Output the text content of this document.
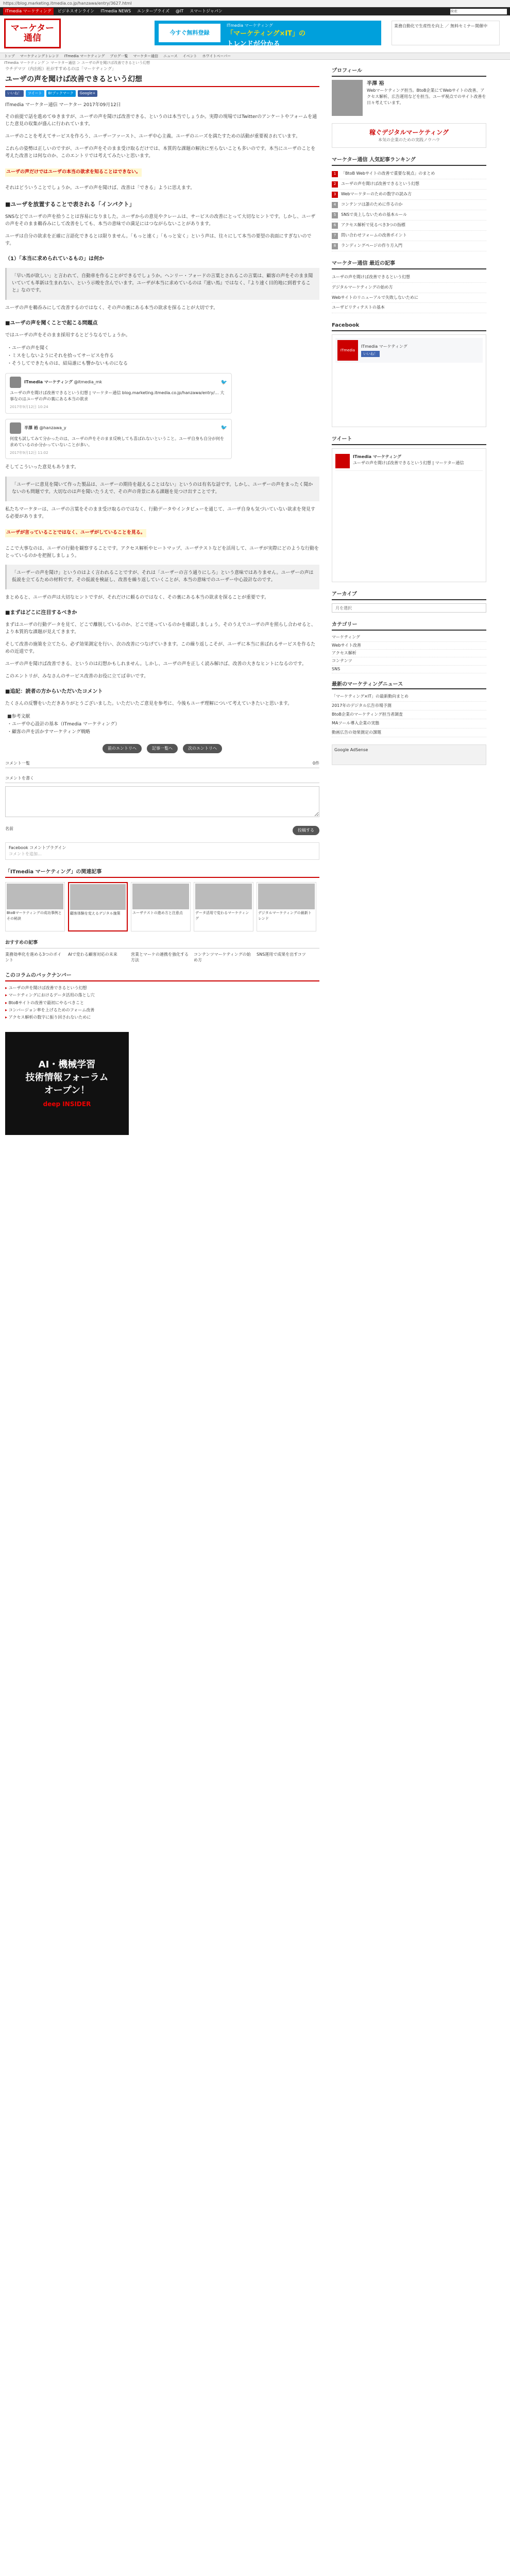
https://blog.marketing.itmedia.co.jp/hanzawa/entry/3627.html
ITmedia マーケティング	ビジネスオンライン	ITmedia NEWS	エンタープライズ	@IT	スマートジャパン
検索
マーケター通信
今すぐ無料登録
ITmedia マーケティング
「マーケティング×IT」の
トレンドが分かる
業務自動化で生産性を向上 ／ 無料セミナー開催中
トップ マーケティングトレンド ITmedia マーケティング ブログ一覧 マーケター通信 ニュース イベント ホワイトペーパー
ITmedia マーケティング ＞ マーケター通信 ＞ ユーザの声を聞けば改善できるという幻想
ウチデマツ（内出松）社がすすめるのは「マーケティング」
ユーザの声を聞けば改善できるという幻想
いいね！	ツイート	B!ブックマーク	Google+

ITmedia マーケター通信 マーケター 2017年09月12日

その前提で話を進めてゆきますが、ユーザの声を聞けば改善できる、というのは本当でしょうか。実際の現場ではTwitterのアンケートやフォームを通じた意見の収集が盛んに行われています。

ユーザのことを考えてサービスを作ろう、ユーザーファースト、ユーザ中心主義。ユーザのニーズを満たすための活動が重要視されています。

これらの姿勢は正しいのですが、ユーザの声をそのまま受け取るだけでは、本質的な課題の解決に至らないことも多いのです。本当にユーザのことを考えた改善とは何なのか、このエントリでは考えてみたいと思います。

ユーザの声だけではユーザの本当の欲求を知ることはできない。

それはどういうことでしょうか。ユーザの声を聞けば、改善は「できる」ように思えます。

■ユーザを放置することで表される「インパクト」

SNSなどでユーザの声を拾うことは容易になりました。ユーザからの意見やクレームは、サービスの改善にとって大切なヒントです。しかし、ユーザの声をそのまま鵜呑みにして改善をしても、本当の意味での満足にはつながらないことがあります。

ユーザは自分の欲求を正確に言語化できるとは限りません。「もっと速く」「もっと安く」という声は、往々にして本当の要望の表面にすぎないのです。

（1）「本当に求められているもの」は何か
「早い馬が欲しい」と言われて、自動車を作ることができるでしょうか。ヘンリー・フォードの言葉とされるこの言葉は、顧客の声をそのまま聞いていても革新は生まれない、という示唆を含んでいます。ユーザが本当に求めているのは『速い馬』ではなく、『より速く目的地に到着すること』なのです。

ユーザの声を鵜呑みにして改善するのではなく、その声の裏にある本当の欲求を探ることが大切です。

■ユーザの声を聞くことで起こる問題点

ではユーザの声をそのまま採用するとどうなるでしょうか。

・ユーザの声を聞く
・ミスをしないようにそれを拾ってサービスを作る
・そうしてできたものは、結局誰にも響かないものになる
ITmedia マーケティング @itmedia_mk	🐦
ユーザの声を聞けば改善できるという幻想 | マーケター通信 blog.marketing.itmedia.co.jp/hanzawa/entry/… 大事なのはユーザの声の裏にある本当の欲求
2017年9月12日 10:24
半澤 裕 @hanzawa_y	🐦
何度も試してみて分かったのは、ユーザの声をそのまま反映しても喜ばれないということ。ユーザ自身も自分が何を求めているのか分かっていないことが多い。
2017年9月12日 11:02

そしてこういった意見もあります。

「ユーザーに意見を聞いて作った製品は、ユーザーの期待を超えることはない」というのは有名な話です。しかし、ユーザーの声をまったく聞かないのも問題です。大切なのは声を聞いたうえで、その声の背景にある課題を見つけ出すことです。

私たちマーケターは、ユーザの言葉をそのまま受け取るのではなく、行動データやインタビューを通じて、ユーザ自身も気づいていない欲求を発見する必要があります。

ユーザが言っていることではなく、ユーザがしていることを見る。

ここで大事なのは、ユーザの行動を観察することです。アクセス解析やヒートマップ、ユーザテストなどを活用して、ユーザが実際にどのような行動をとっているのかを把握しましょう。

「ユーザーの声を聞け」というのはよく言われることですが、それは「ユーザーの言う通りにしろ」という意味ではありません。ユーザーの声は仮説を立てるための材料です。その仮説を検証し、改善を繰り返していくことが、本当の意味でのユーザー中心設計なのです。

まとめると、ユーザの声は大切なヒントですが、それだけに頼るのではなく、その裏にある本当の欲求を探ることが重要です。

■まずはどこに注目するべきか

まずはユーザの行動データを見て、どこで離脱しているのか、どこで迷っているのかを確認しましょう。そのうえでユーザの声を照らし合わせると、より本質的な課題が見えてきます。

そして改善の施策を立てたら、必ず効果測定を行い、次の改善につなげていきます。この繰り返しこそが、ユーザに本当に喜ばれるサービスを作るための近道です。

ユーザの声を聞けば改善できる、というのは幻想かもしれません。しかし、ユーザの声を正しく読み解けば、改善の大きなヒントになるのです。

このエントリが、みなさんのサービス改善のお役に立てば幸いです。

■追記：読者の方からいただいたコメント

たくさんの反響をいただきありがとうございました。いただいたご意見を参考に、今後もユーザ理解について考えていきたいと思います。

■参考文献
・ユーザ中心設計の基本（ITmedia マーケティング）
・顧客の声を活かすマーケティング戦略
前のエントリへ	記事一覧へ	次のエントリへ
コメント一覧	0件
コメントを書く
名前	投稿する
Facebook コメントプラグイン
コメントを追加...
「ITmedia マーケティング」の関連記事
BtoBマーケティングの成功事例とその秘訣
顧客体験を変えるデジタル施策	ユーザテストの進め方と注意点	データ活用で変わるマーケティング
デジタルマーケティングの最新トレンド
おすすめの記事
業務効率化を進める3つのポイント
AIで変わる顧客対応の未来	営業とマーケの連携を強化する方法
コンテンツマーケティングの始め方
SNS運用で成果を出すコツ
このコラムのバックナンバー
▸ ユーザの声を聞けば改善できるという幻想
▸ マーケティングにおけるデータ活用の落とし穴
▸ BtoBサイトの改善で最初にやるべきこと
▸ コンバージョン率を上げるためのフォーム改善
▸ アクセス解析の数字に振り回されないために
AI・機械学習
技術情報フォーラム
オープン！
deep INSIDER
プロフィール
半澤 裕
Webマーケティング担当。BtoB企業にてWebサイトの改善、アクセス解析、広告運用などを担当。ユーザ視点でのサイト改善を日々考えています。
稼ぐデジタルマーケティング
本気の企業のための実践ノウハウ
マーケター通信 人気記事ランキング
1	「BtoB Webサイトの改善で重要な視点」のまとめ
2	ユーザの声を聞けば改善できるという幻想
3	Webマーケターのための数字の読み方
4	コンテンツは誰のために作るのか
5	SNSで炎上しないための基本ルール
6	アクセス解析で見るべき3つの指標
7	問い合わせフォームの改善ポイント
8	ランディングページの作り方入門
マーケター通信 最近の記事
ユーザの声を聞けば改善できるという幻想
デジタルマーケティングの始め方
Webサイトのリニューアルで失敗しないために
ユーザビリティテストの基本
Facebook
ITmedia
ITmedia マーケティング
いいね！
ツイート
ITmedia マーケティング
ユーザの声を聞けば改善できるという幻想 | マーケター通信
アーカイブ
月を選択
カテゴリー
マーケティング
Webサイト改善
アクセス解析
コンテンツ
SNS
最新のマーケティングニュース
「マーケティング×IT」の最新動向まとめ
2017年のデジタル広告市場予測
BtoB企業のマーケティング担当者調査
MAツール導入企業の実態
動画広告の効果測定の課題
Google AdSense
